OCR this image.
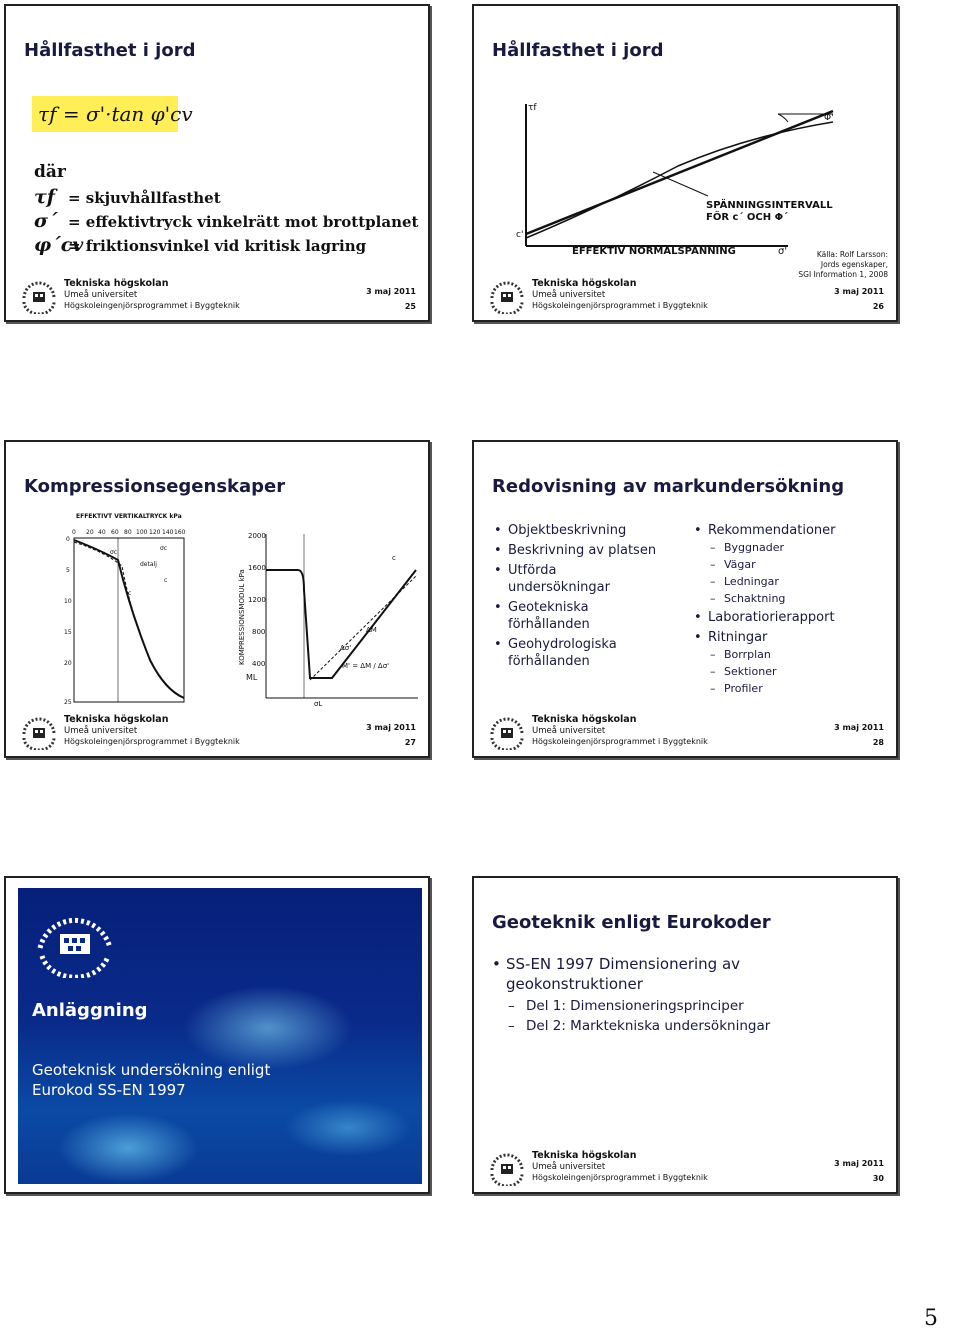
Hållfasthet i jord
τf = σ'·tan φ'cv
där
τf = skjuvhållfasthet
σ´ = effektivtryck vinkelrätt mot brottplanet
φ´cv= friktionsvinkel vid kritisk lagring
Tekniska högskolan
Umeå universitet
Högskoleingenjörsprogrammet i Byggteknik
3 maj 2011
25
Hållfasthet i jord
τf
Φ'
c'
SPÄNNINGSINTERVALL
FÖR c´ OCH Φ´
EFFEKTIV NORMALSPÄNNING	σ'	Källa: Rolf Larsson:
Jords egenskaper,
SGI Information 1, 2008
Tekniska högskolan
Umeå universitet
Högskoleingenjörsprogrammet i Byggteknik
3 maj 2011
26
Kompressionsegenskaper
EFFEKTIVT VERTIKALTRYCK kPa
0 20 40 60 80 100 120 140 160
0
5
10
15
20
25
σc
detalj
σc
c
c	KOMPRESSIONSMODUL kPa
2000
1600
1200
800
400
ML
σL
c
ΔM
Δσ'
M' = ΔM / Δσ'
Tekniska högskolan
Umeå universitet
Högskoleingenjörsprogrammet i Byggteknik
3 maj 2011
27
Redovisning av markundersökning
• Objektbeskrivning
• Beskrivning av platsen
• Utförda undersökningar
• Geotekniska förhållanden
• Geohydrologiska förhållanden
• Rekommendationer
– Byggnader
– Vägar
– Ledningar
– Schaktning
• Laboratiorierapport
• Ritningar
– Borrplan
– Sektioner
– Profiler
Tekniska högskolan
Umeå universitet
Högskoleingenjörsprogrammet i Byggteknik
3 maj 2011
28
Anläggning
Geoteknisk undersökning enligt
Eurokod SS-EN 1997
Geoteknik enligt Eurokoder
• SS-EN 1997 Dimensionering av geokonstruktioner
– Del 1: Dimensioneringsprinciper
– Del 2: Marktekniska undersökningar
Tekniska högskolan
Umeå universitet
Högskoleingenjörsprogrammet i Byggteknik
3 maj 2011
30
5
